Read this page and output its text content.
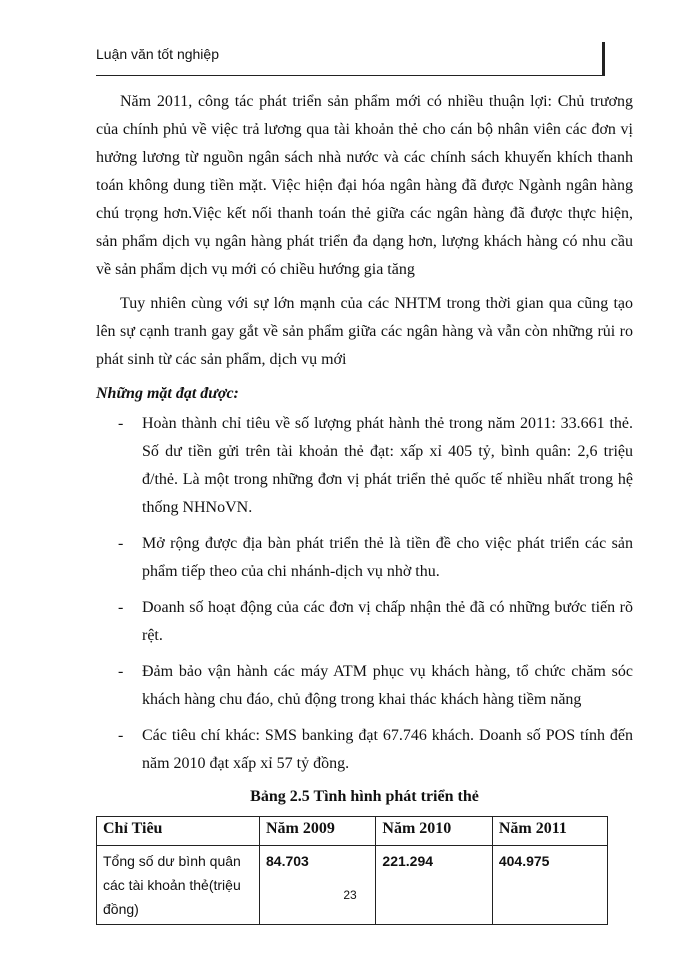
Luận văn tốt nghiệp

Năm 2011, công tác phát triển sản phẩm mới có nhiều thuận lợi: Chủ trương của chính phủ về việc trả lương qua tài khoản thẻ cho cán bộ nhân viên các đơn vị hưởng lương từ nguồn ngân sách nhà nước và các chính sách khuyến khích thanh toán không dung tiền mặt. Việc hiện đại hóa ngân hàng đã được Ngành ngân hàng chú trọng hơn.Việc kết nối thanh toán thẻ giữa các ngân hàng đã được thực hiện, sản phẩm dịch vụ ngân hàng phát triển đa dạng hơn, lượng khách hàng có nhu cầu về sản phẩm dịch vụ mới có chiều hướng gia tăng

Tuy nhiên cùng với sự lớn mạnh của các NHTM trong thời gian qua cũng tạo lên sự cạnh tranh gay gắt về sản phẩm giữa các ngân hàng và vẫn còn những rủi ro phát sinh từ các sản phẩm, dịch vụ mới

Những mặt đạt được:
- Hoàn thành chỉ tiêu về số lượng phát hành thẻ trong năm 2011: 33.661 thẻ. Số dư tiền gửi trên tài khoản thẻ đạt: xấp xỉ 405 tỷ, bình quân: 2,6 triệu đ/thẻ. Là một trong những đơn vị phát triển thẻ quốc tế nhiều nhất trong hệ thống NHNoVN.
- Mở rộng được địa bàn phát triển thẻ là tiền đề cho việc phát triển các sản phẩm tiếp theo của chi nhánh-dịch vụ nhờ thu.
- Doanh số hoạt động của các đơn vị chấp nhận thẻ đã có những bước tiến rõ rệt.
- Đảm bảo vận hành các máy ATM phục vụ khách hàng, tổ chức chăm sóc khách hàng chu đáo, chủ động trong khai thác khách hàng tiềm năng
- Các tiêu chí khác: SMS banking đạt 67.746 khách. Doanh số POS tính đến năm 2010 đạt xấp xỉ 57 tỷ đồng.
Bảng 2.5 Tình hình phát triển thẻ
Chỉ Tiêu	Năm 2009	Năm 2010	Năm 2011
Tổng số dư bình quân các tài khoản thẻ(triệu đồng)	84.703	221.294	404.975
23
